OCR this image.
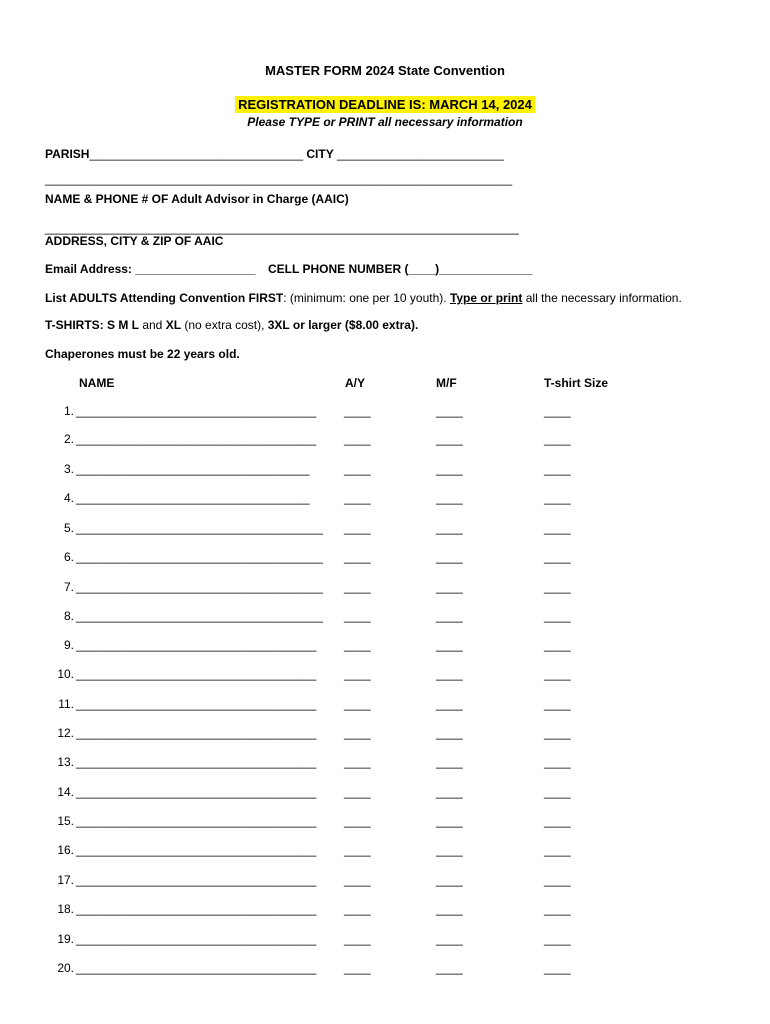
MASTER FORM 2024 State Convention
REGISTRATION DEADLINE IS: MARCH 14, 2024
Please TYPE or PRINT all necessary information
PARISH________________________________ CITY _________________________
______________________________________________________________________
NAME & PHONE # OF Adult Advisor in Charge (AAIC)
_______________________________________________________________________
ADDRESS, CITY & ZIP OF AAIC
Email Address: __________________ CELL PHONE NUMBER (____)______________
List ADULTS Attending Convention FIRST: (minimum: one per 10 youth). Type or print all the necessary information.
T-SHIRTS: S M L and XL (no extra cost), 3XL or larger ($8.00 extra).
Chaperones must be 22 years old.
NAME	A/Y	M/F	T-shirt Size
1. ____________________________________ ____	____	____
2. ____________________________________ ____	____	____
3. ___________________________________	____	____	____
4. ___________________________________	____	____	____
5. _____________________________________ ____	____	____
6. _____________________________________ ____	____	____
7. _____________________________________ ____	____	____
8. _____________________________________ ____	____	____
9. ____________________________________ ____	____	____
10. ____________________________________ ____	____	____
11. ____________________________________ ____	____	____
12. ____________________________________ ____	____	____
13. ____________________________________ ____	____	____
14. ____________________________________ ____	____	____
15. ____________________________________ ____	____	____
16. ____________________________________ ____	____	____
17. ____________________________________ ____	____	____
18. ____________________________________ ____	____	____
19. ____________________________________ ____	____	____
20. ____________________________________ ____	____	____
